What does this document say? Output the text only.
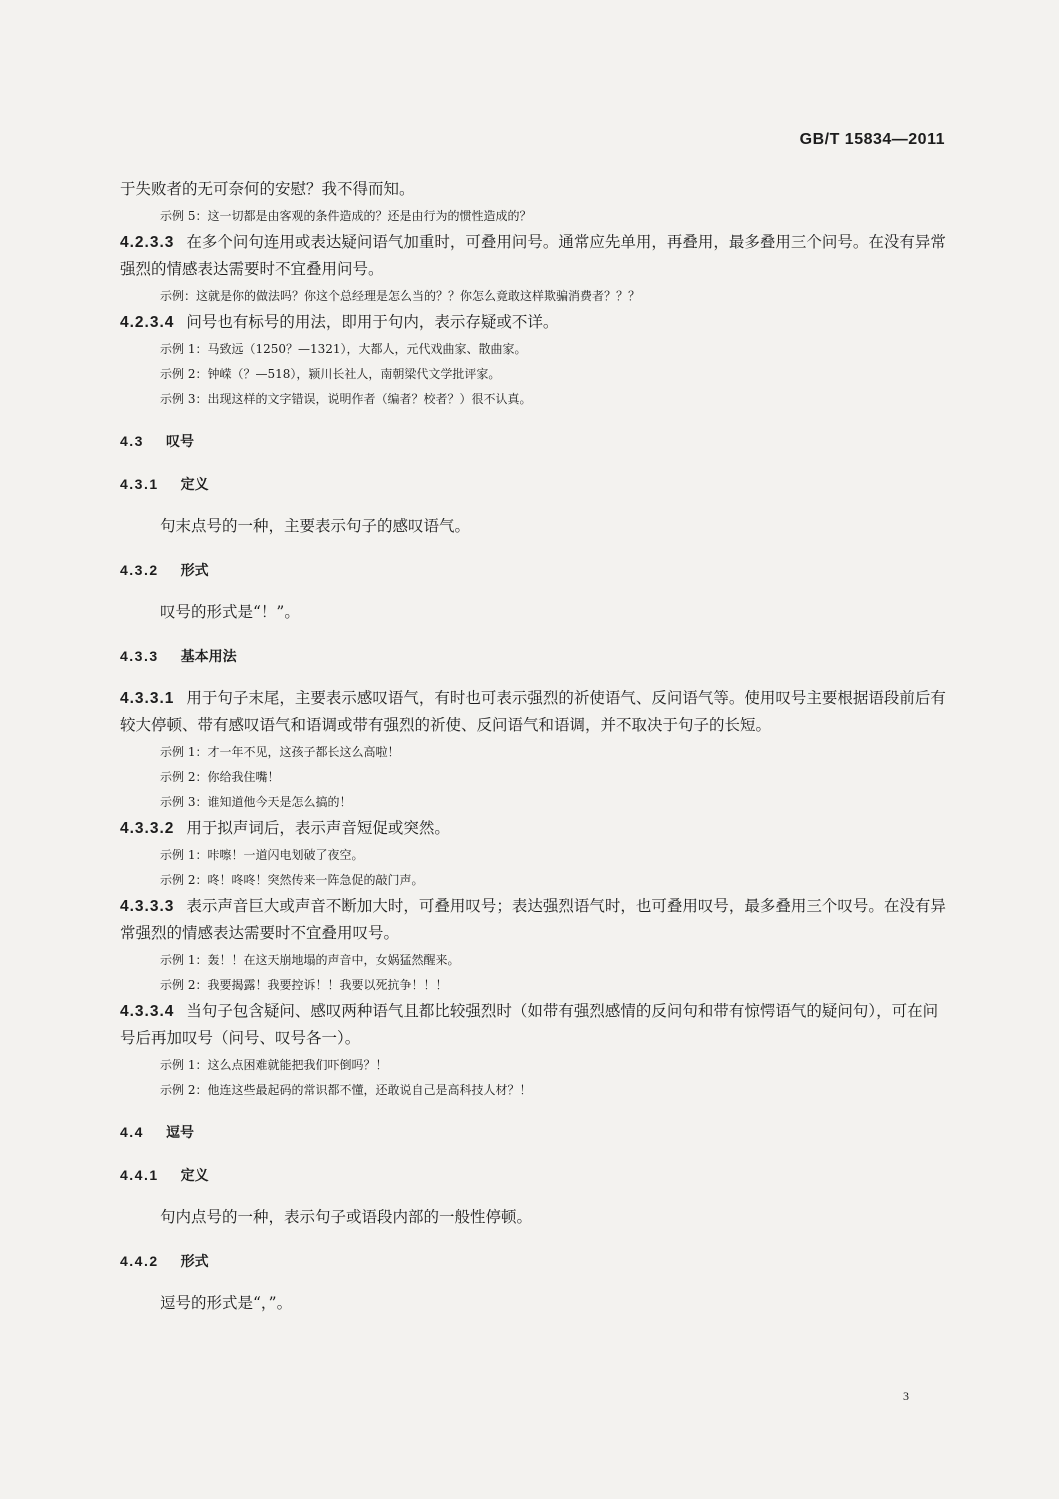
GB/T 15834—2011

于失败者的无可奈何的安慰？我不得而知。

示例 5：这一切都是由客观的条件造成的？还是由行为的惯性造成的？

4.2.3.3 在多个问句连用或表达疑问语气加重时，可叠用问号。通常应先单用，再叠用，最多叠用三个问号。在没有异常强烈的情感表达需要时不宜叠用问号。

示例：这就是你的做法吗？你这个总经理是怎么当的？？你怎么竟敢这样欺骗消费者？？？

4.2.3.4 问号也有标号的用法，即用于句内，表示存疑或不详。

示例 1：马致远（1250？—1321），大都人，元代戏曲家、散曲家。
示例 2：钟嵘（？—518），颍川长社人，南朝梁代文学批评家。
示例 3：出现这样的文字错误，说明作者（编者？校者？）很不认真。
4.3 叹号
4.3.1 定义

句末点号的一种，主要表示句子的感叹语气。

4.3.2 形式

叹号的形式是“！”。

4.3.3 基本用法

4.3.3.1 用于句子末尾，主要表示感叹语气，有时也可表示强烈的祈使语气、反问语气等。使用叹号主要根据语段前后有较大停顿、带有感叹语气和语调或带有强烈的祈使、反问语气和语调，并不取决于句子的长短。

示例 1：才一年不见，这孩子都长这么高啦！
示例 2：你给我住嘴！
示例 3：谁知道他今天是怎么搞的！

4.3.3.2 用于拟声词后，表示声音短促或突然。

示例 1：咔嚓！一道闪电划破了夜空。
示例 2：咚！咚咚！突然传来一阵急促的敲门声。

4.3.3.3 表示声音巨大或声音不断加大时，可叠用叹号；表达强烈语气时，也可叠用叹号，最多叠用三个叹号。在没有异常强烈的情感表达需要时不宜叠用叹号。

示例 1：轰！！在这天崩地塌的声音中，女娲猛然醒来。
示例 2：我要揭露！我要控诉！！我要以死抗争！！！

4.3.3.4 当句子包含疑问、感叹两种语气且都比较强烈时（如带有强烈感情的反问句和带有惊愕语气的疑问句），可在问号后再加叹号（问号、叹号各一）。

示例 1：这么点困难就能把我们吓倒吗？！
示例 2：他连这些最起码的常识都不懂，还敢说自己是高科技人材？！
4.4 逗号
4.4.1 定义

句内点号的一种，表示句子或语段内部的一般性停顿。

4.4.2 形式

逗号的形式是“，”。

3
